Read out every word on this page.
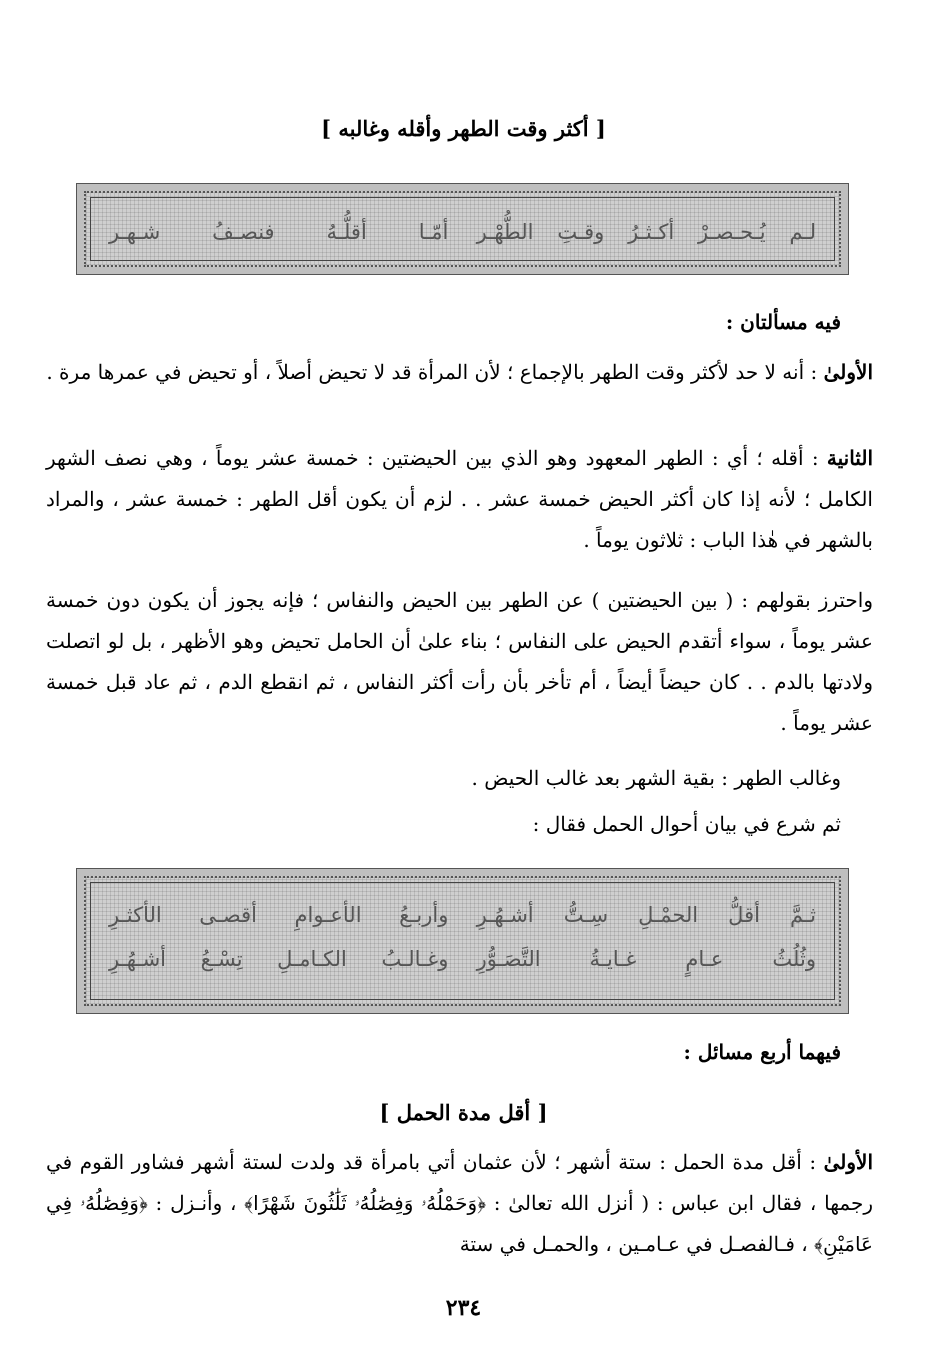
[ أكثر وقت الطهر وأقله وغالبه ]
لـم يُـحـصـرْ أكـثـرُ وقـتِ الطُّهْـر
أمّـا أقلُّـهُ فنصـفُ شـهـر
فيه مسألتان :

الأولىٰ : أنه لا حد لأكثر وقت الطهر بالإجماع ؛ لأن المرأة قد لا تحيض أصلاً ، أو تحيض في عمرها مرة .

الثانية : أقله ؛ أي : الطهر المعهود وهو الذي بين الحيضتين : خمسة عشر يوماً ، وهي نصف الشهر الكامل ؛ لأنه إذا كان أكثر الحيض خمسة عشر . . لزم أن يكون أقل الطهر : خمسة عشر ، والمراد بالشهر في هٰذا الباب : ثلاثون يوماً .

واحترز بقولهم : ( بين الحيضتين ) عن الطهر بين الحيض والنفاس ؛ فإنه يجوز أن يكون دون خمسة عشر يوماً ، سواء أتقدم الحيض على النفاس ؛ بناء علىٰ أن الحامل تحيض وهو الأظهر ، بل لو اتصلت ولادتها بالدم . . كان حيضاً أيضاً ، أم تأخر بأن رأت أكثر النفاس ، ثم انقطع الدم ، ثم عاد قبل خمسة عشر يوماً .

وغالب الطهر : بقية الشهر بعد غالب الحيض .
ثم شرع في بيان أحوال الحمل فقال :
ثـمَّ أقلُّ الحمْـلِ سِـتُّ أشـهُـرِ
وأربـعُ الأعـوامِ أقصـى الأكثـرِ
وثُلُثُ عـامٍ غـايـةُ التَّصَـوُّرِ
وغـالـبُ الكـامـلِ تِسْـعُ أشـهُـرِ
فيهما أربع مسائل :
[ أقل مدة الحمل ]

الأولىٰ : أقل مدة الحمل : ستة أشهر ؛ لأن عثمان أتي بامرأة قد ولدت لستة أشهر فشاور القوم في رجمها ، فقال ابن عباس : ( أنزل الله تعالىٰ : ﴿وَحَمْلُهُۥ وَفِصَٰلُهُۥ ثَلَٰثُونَ شَهْرًا﴾ ، وأنـزل : ﴿وَفِصَٰلُهُۥ فِي عَامَيْنِ﴾ ، فـالفصـل في عـامـين ، والحمـل في ستة

٢٣٤
